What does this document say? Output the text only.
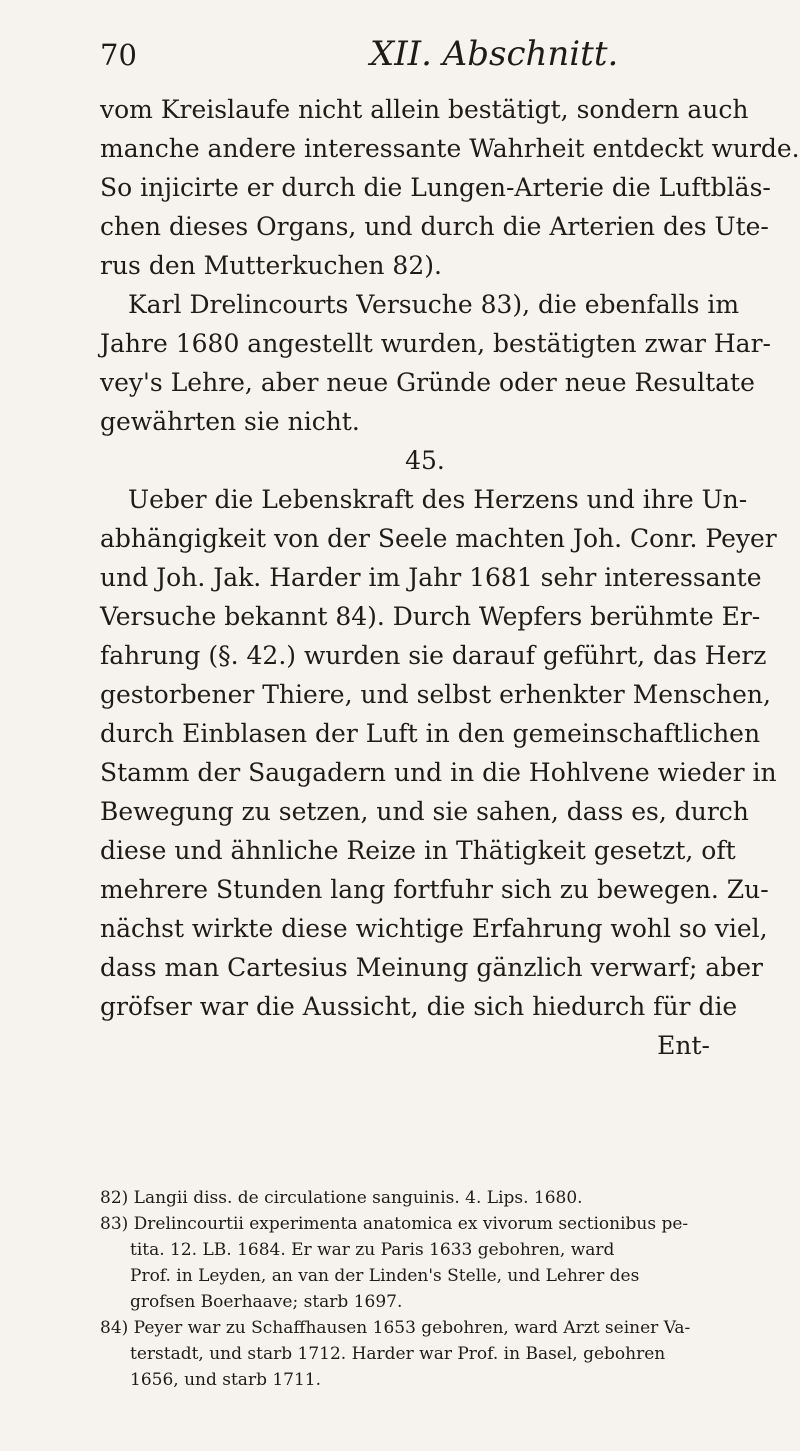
70	XII. Abschnitt.
vom Kreislaufe nicht allein bestätigt, sondern auch
manche andere interessante Wahrheit entdeckt wurde.
So injicirte er durch die Lungen-Arterie die Luftbläs-
chen dieses Organs, und durch die Arterien des Ute-
rus den Mutterkuchen 82).
Karl Drelincourts Versuche 83), die ebenfalls im
Jahre 1680 angestellt wurden, bestätigten zwar Har-
vey's Lehre, aber neue Gründe oder neue Resultate
gewährten sie nicht.
45.
Ueber die Lebenskraft des Herzens und ihre Un-
abhängigkeit von der Seele machten Joh. Conr. Peyer
und Joh. Jak. Harder im Jahr 1681 sehr interessante
Versuche bekannt 84). Durch Wepfers berühmte Er-
fahrung (§. 42.) wurden sie darauf geführt, das Herz
gestorbener Thiere, und selbst erhenkter Menschen,
durch Einblasen der Luft in den gemeinschaftlichen
Stamm der Saugadern und in die Hohlvene wieder in
Bewegung zu setzen, und sie sahen, dass es, durch
diese und ähnliche Reize in Thätigkeit gesetzt, oft
mehrere Stunden lang fortfuhr sich zu bewegen. Zu-
nächst wirkte diese wichtige Erfahrung wohl so viel,
dass man Cartesius Meinung gänzlich verwarf; aber
gröfser war die Aussicht, die sich hiedurch für die
Ent-
82) Langii diss. de circulatione sanguinis. 4. Lips. 1680.
83) Drelincourtii experimenta anatomica ex vivorum sectionibus pe-
tita. 12. LB. 1684. Er war zu Paris 1633 gebohren, ward
Prof. in Leyden, an van der Linden's Stelle, und Lehrer des
grofsen Boerhaave; starb 1697.
84) Peyer war zu Schaffhausen 1653 gebohren, ward Arzt seiner Va-
terstadt, und starb 1712. Harder war Prof. in Basel, gebohren
1656, und starb 1711.
